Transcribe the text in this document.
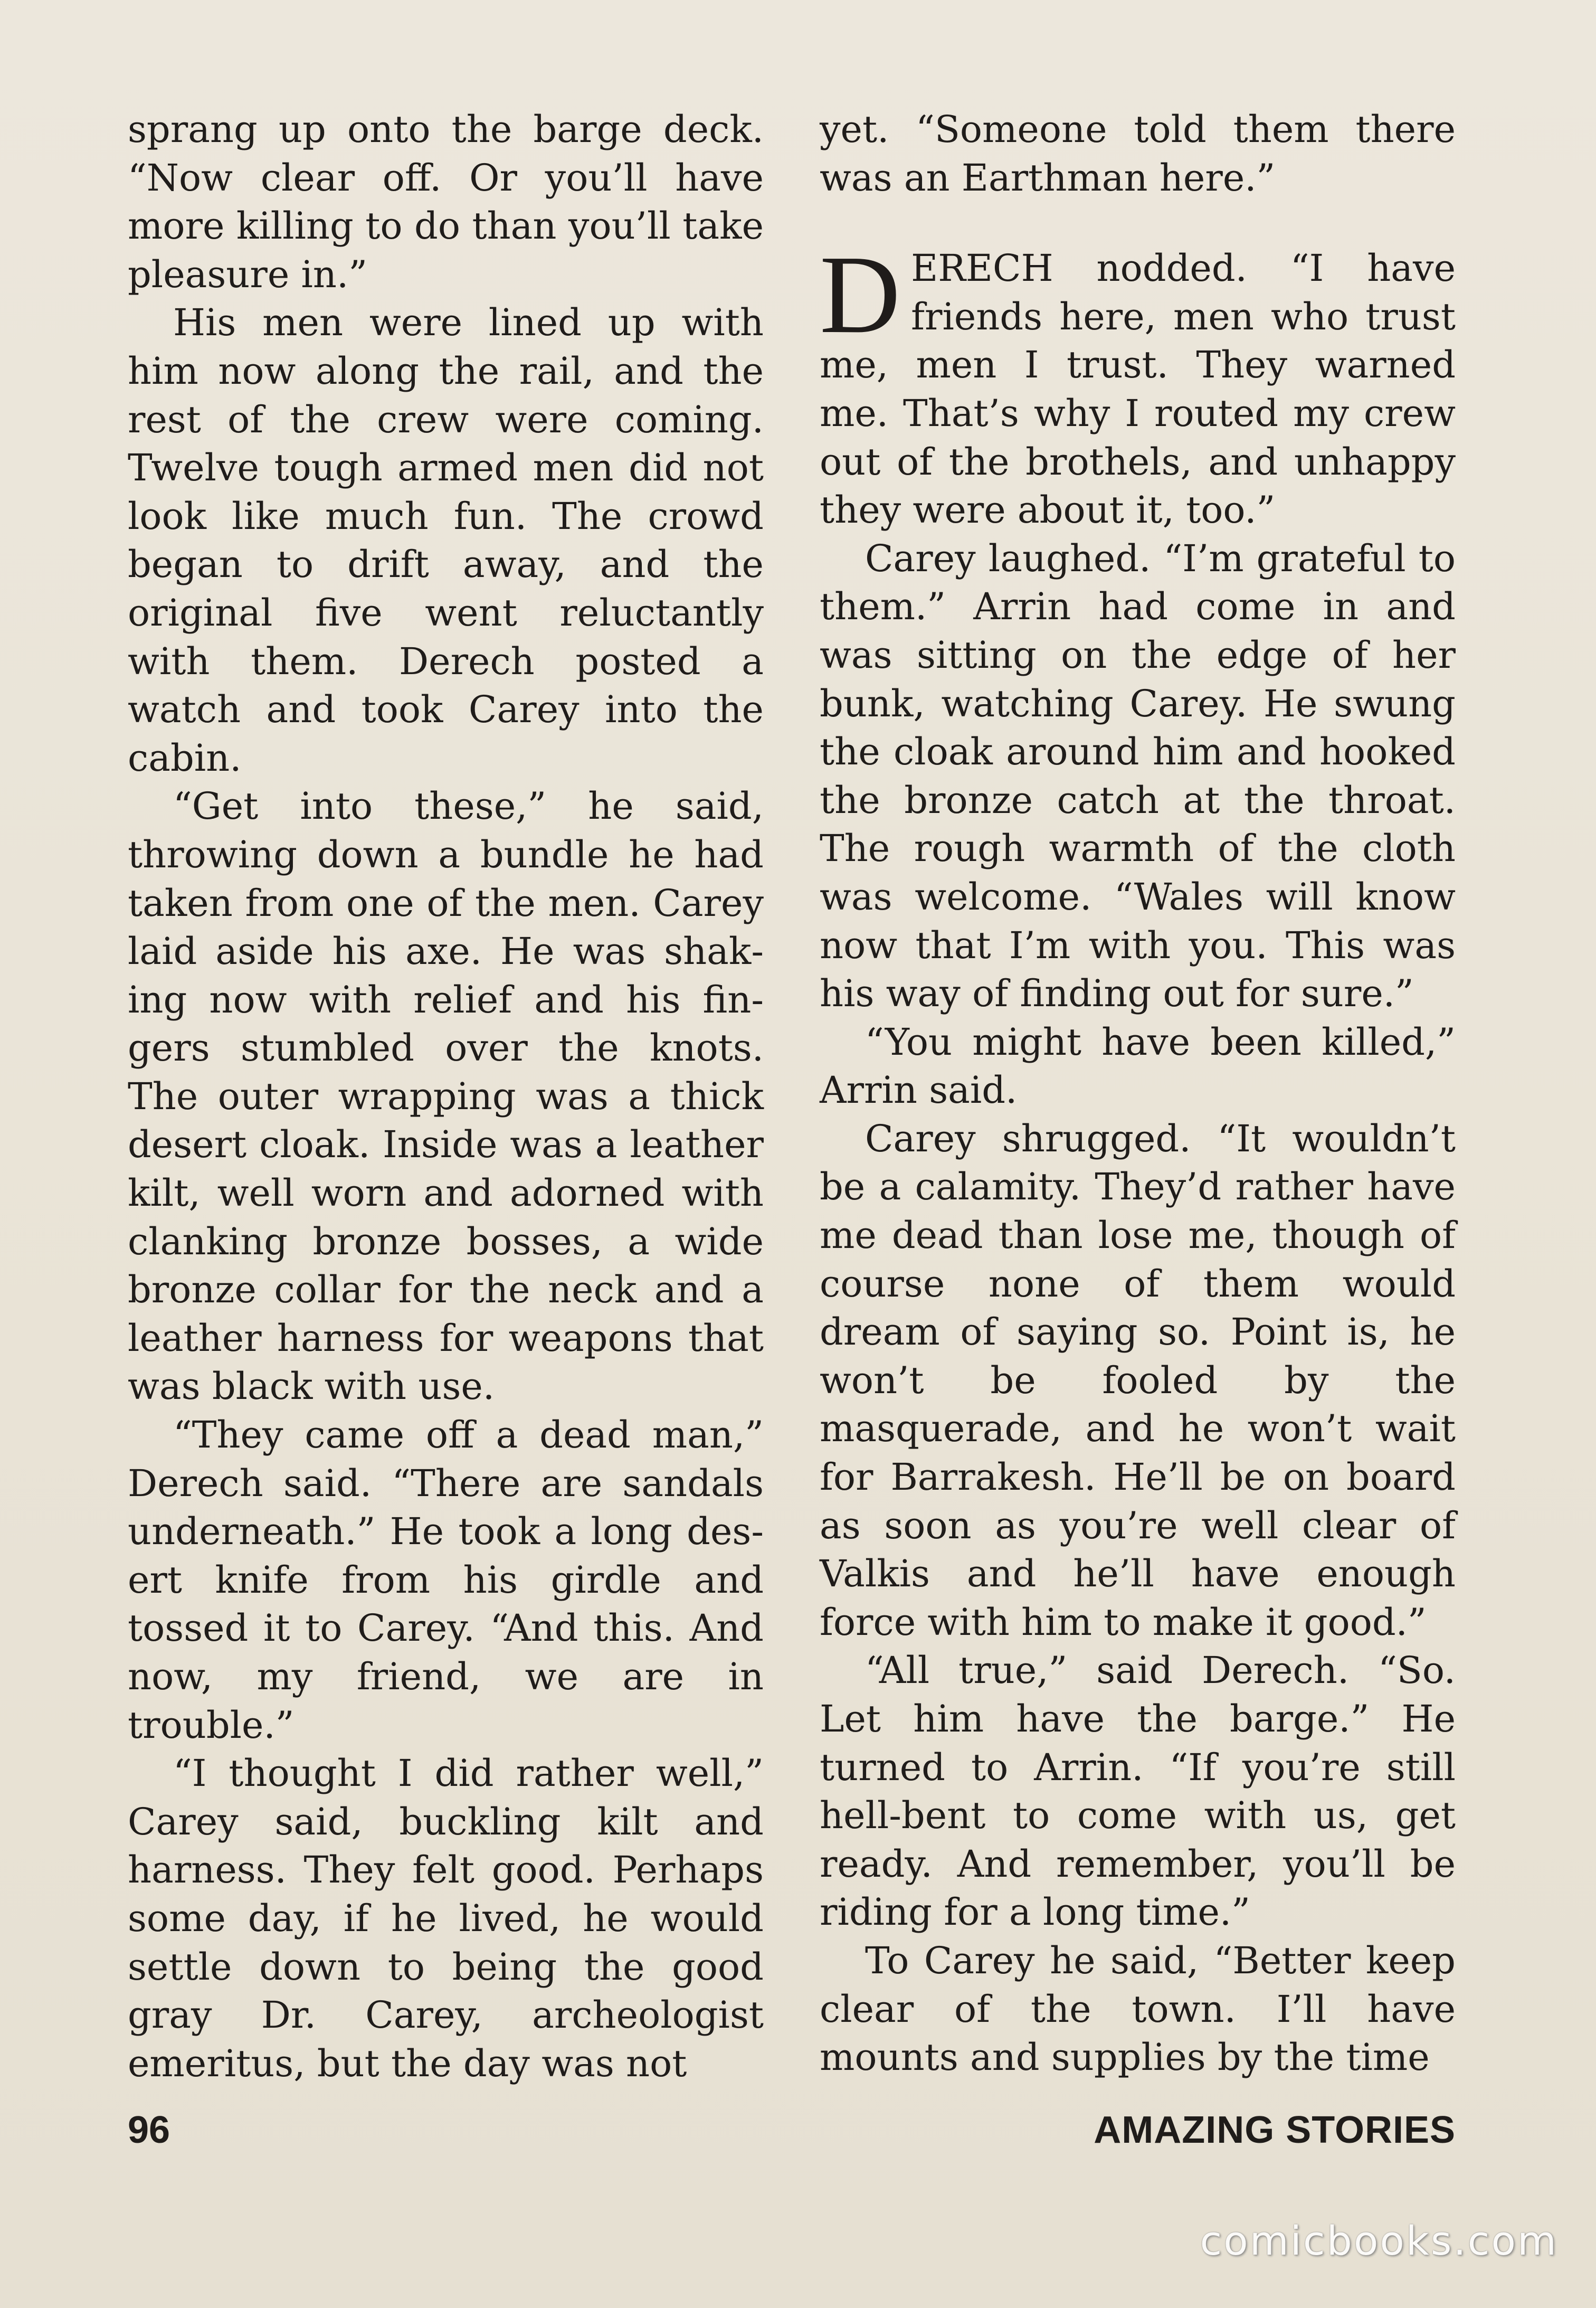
sprang up onto the barge deck. “Now clear off. Or you’ll have more killing to do than you’ll take pleasure in.”

His men were lined up with him now along the rail, and the rest of the crew were coming. Twelve tough armed men did not look like much fun. The crowd began to drift away, and the original five went reluctantly with them. Derech posted a watch and took Carey into the cabin.

“Get into these,” he said, throwing down a bundle he had taken from one of the men. Carey laid aside his axe. He was shaking now with relief and his fingers stumbled over the knots. The outer wrapping was a thick desert cloak. Inside was a leather kilt, well worn and adorned with clanking bronze bosses, a wide bronze collar for the neck and a leather harness for weapons that was black with use.

“They came off a dead man,” Derech said. “There are sandals underneath.” He took a long desert knife from his girdle and tossed it to Carey. “And this. And now, my friend, we are in trouble.”

“I thought I did rather well,” Carey said, buckling kilt and harness. They felt good. Perhaps some day, if he lived, he would settle down to being the good gray Dr. Carey, archeologist emeritus, but the day was not

yet. “Someone told them there was an Earthman here.”

DERECH nodded. “I have friends here, men who trust me, men I trust. They warned me. That’s why I routed my crew out of the brothels, and unhappy they were about it, too.”

Carey laughed. “I’m grateful to them.” Arrin had come in and was sitting on the edge of her bunk, watching Carey. He swung the cloak around him and hooked the bronze catch at the throat. The rough warmth of the cloth was welcome. “Wales will know now that I’m with you. This was his way of finding out for sure.”

“You might have been killed,” Arrin said.

Carey shrugged. “It wouldn’t be a calamity. They’d rather have me dead than lose me, though of course none of them would dream of saying so. Point is, he won’t be fooled by the masquerade, and he won’t wait for Barrakesh. He’ll be on board as soon as you’re well clear of Valkis and he’ll have enough force with him to make it good.”

“All true,” said Derech. “So. Let him have the barge.” He turned to Arrin. “If you’re still hell-bent to come with us, get ready. And remember, you’ll be riding for a long time.”

To Carey he said, “Better keep clear of the town. I’ll have mounts and supplies by the time

96	AMAZING STORIES
comicbooks.com
